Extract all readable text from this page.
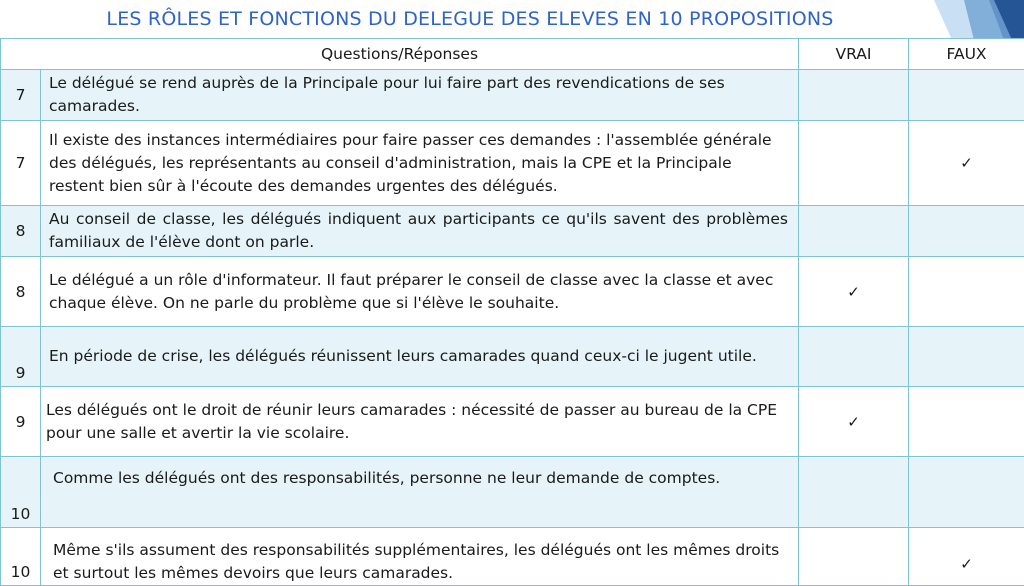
LES RÔLES ET FONCTIONS DU DELEGUE DES ELEVES EN 10 PROPOSITIONS
Questions/Réponses		VRAI	FAUX
7	Le délégué se rend auprès de la Principale pour lui faire part des revendications de ses camarades.		
7	Il existe des instances intermédiaires pour faire passer ces demandes : l'assemblée générale des délégués, les représentants au conseil d'administration, mais la CPE et la Principale restent bien sûr à l'écoute des demandes urgentes des délégués.		✓
8	Au conseil de classe, les délégués indiquent aux participants ce qu'ils savent des problèmes familiaux de l'élève dont on parle.		
8	Le délégué a un rôle d'informateur. Il faut préparer le conseil de classe avec la classe et avec chaque élève. On ne parle du problème que si l'élève le souhaite.	✓	
9	En période de crise, les délégués réunissent leurs camarades quand ceux-ci le jugent utile.		
9	Les délégués ont le droit de réunir leurs camarades : nécessité de passer au bureau de la CPE pour une salle et avertir la vie scolaire.	✓	
10	Comme les délégués ont des responsabilités, personne ne leur demande de comptes.		
10	Même s'ils assument des responsabilités supplémentaires, les délégués ont les mêmes droits et surtout les mêmes devoirs que leurs camarades.		✓
